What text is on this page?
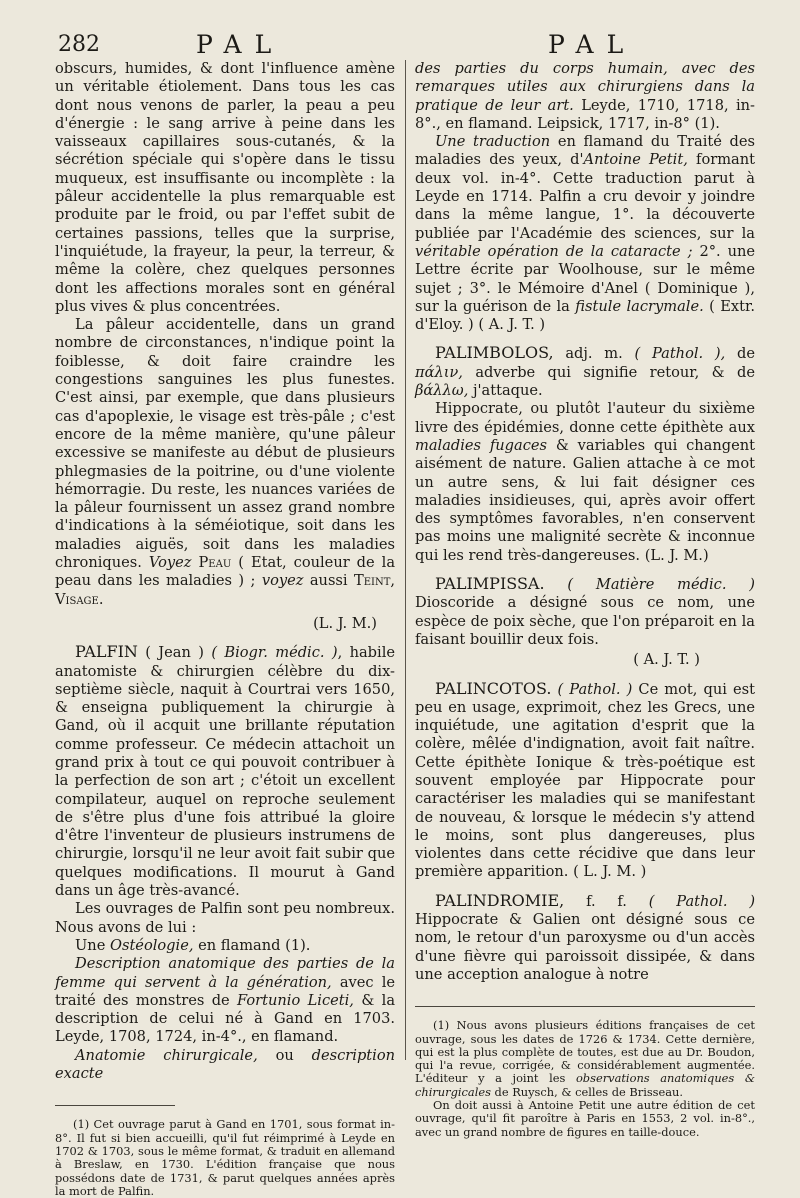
282	PAL	PAL

obscurs, humides, & dont l'influence amène un véritable étiolement. Dans tous les cas dont nous venons de parler, la peau a peu d'énergie : le sang arrive à peine dans les vaisseaux capillaires sous-cutanés, & la sécrétion spéciale qui s'opère dans le tissu muqueux, est insuffisante ou incomplète : la pâleur accidentelle la plus remarquable est produite par le froid, ou par l'effet subit de certaines passions, telles que la surprise, l'inquiétude, la frayeur, la peur, la terreur, & même la colère, chez quelques personnes dont les affections morales sont en général plus vives & plus concentrées.

La pâleur accidentelle, dans un grand nombre de circonstances, n'indique point la foiblesse, & doit faire craindre les congestions sanguines les plus funestes. C'est ainsi, par exemple, que dans plusieurs cas d'apoplexie, le visage est très-pâle ; c'est encore de la même manière, qu'une pâleur excessive se manifeste au début de plusieurs phlegmasies de la poitrine, ou d'une violente hémorragie. Du reste, les nuances variées de la pâleur fournissent un assez grand nombre d'indications à la séméiotique, soit dans les maladies aiguës, soit dans les maladies chroniques. Voyez Peau ( Etat, couleur de la peau dans les maladies ) ; voyez aussi Teint, Visage.

(L. J. M.)

PALFIN ( Jean ) ( Biogr. médic. ), habile anatomiste & chirurgien célèbre du dix-septième siècle, naquit à Courtrai vers 1650, & enseigna publiquement la chirurgie à Gand, où il acquit une brillante réputation comme professeur. Ce médecin attachoit un grand prix à tout ce qui pouvoit contribuer à la perfection de son art ; c'étoit un excellent compilateur, auquel on reproche seulement de s'être plus d'une fois attribué la gloire d'être l'inventeur de plusieurs instrumens de chirurgie, lorsqu'il ne leur avoit fait subir que quelques modifications. Il mourut à Gand dans un âge très-avancé.

Les ouvrages de Palfin sont peu nombreux. Nous avons de lui :

Une Ostéologie, en flamand (1).

Description anatomique des parties de la femme qui servent à la génération, avec le traité des monstres de Fortunio Liceti, & la description de celui né à Gand en 1703. Leyde, 1708, 1724, in-4°., en flamand.

Anatomie chirurgicale, ou description exacte

(1) Cet ouvrage parut à Gand en 1701, sous format in-8°. Il fut si bien accueilli, qu'il fut réimprimé à Leyde en 1702 & 1703, sous le même format, & traduit en allemand à Breslaw, en 1730. L'édition française que nous possédons date de 1731, & parut quelques années après la mort de Palfin.

des parties du corps humain, avec des remarques utiles aux chirurgiens dans la pratique de leur art. Leyde, 1710, 1718, in-8°., en flamand. Leipsick, 1717, in-8° (1).

Une traduction en flamand du Traité des maladies des yeux, d'Antoine Petit, formant deux vol. in-4°. Cette traduction parut à Leyde en 1714. Palfin a cru devoir y joindre dans la même langue, 1°. la découverte publiée par l'Académie des sciences, sur la véritable opération de la cataracte ; 2°. une Lettre écrite par Woolhouse, sur le même sujet ; 3°. le Mémoire d'Anel ( Dominique ), sur la guérison de la fistule lacrymale. ( Extr. d'Eloy. ) ( A. J. T. )

PALIMBOLOS, adj. m. ( Pathol. ), de πάλιν, adverbe qui signifie retour, & de βάλλω, j'attaque.

Hippocrate, ou plutôt l'auteur du sixième livre des épidémies, donne cette épithète aux maladies fugaces & variables qui changent aisément de nature. Galien attache à ce mot un autre sens, & lui fait désigner ces maladies insidieuses, qui, après avoir offert des symptômes favorables, n'en conservent pas moins une malignité secrète & inconnue qui les rend très-dangereuses. (L. J. M.)

PALIMPISSA. ( Matière médic. ) Dioscoride a désigné sous ce nom, une espèce de poix sèche, que l'on préparoit en la faisant bouillir deux fois.

( A. J. T. )

PALINCOTOS. ( Pathol. ) Ce mot, qui est peu en usage, exprimoit, chez les Grecs, une inquiétude, une agitation d'esprit que la colère, mêlée d'indignation, avoit fait naître. Cette épithète Ionique & très-poétique est souvent employée par Hippocrate pour caractériser les maladies qui se manifestant de nouveau, & lorsque le médecin s'y attend le moins, sont plus dangereuses, plus violentes dans cette récidive que dans leur première apparition. ( L. J. M. )

PALINDROMIE, f. f. ( Pathol. ) Hippocrate & Galien ont désigné sous ce nom, le retour d'un paroxysme ou d'un accès d'une fièvre qui paroissoit dissipée, & dans une acception analogue à notre

(1) Nous avons plusieurs éditions françaises de cet ouvrage, sous les dates de 1726 & 1734. Cette dernière, qui est la plus complète de toutes, est due au Dr. Boudon, qui l'a revue, corrigée, & considérablement augmentée. L'éditeur y a joint les observations anatomiques & chirurgicales de Ruysch, & celles de Brisseau.

On doit aussi à Antoine Petit une autre édition de cet ouvrage, qu'il fit paroître à Paris en 1553, 2 vol. in-8°., avec un grand nombre de figures en taille-douce.
